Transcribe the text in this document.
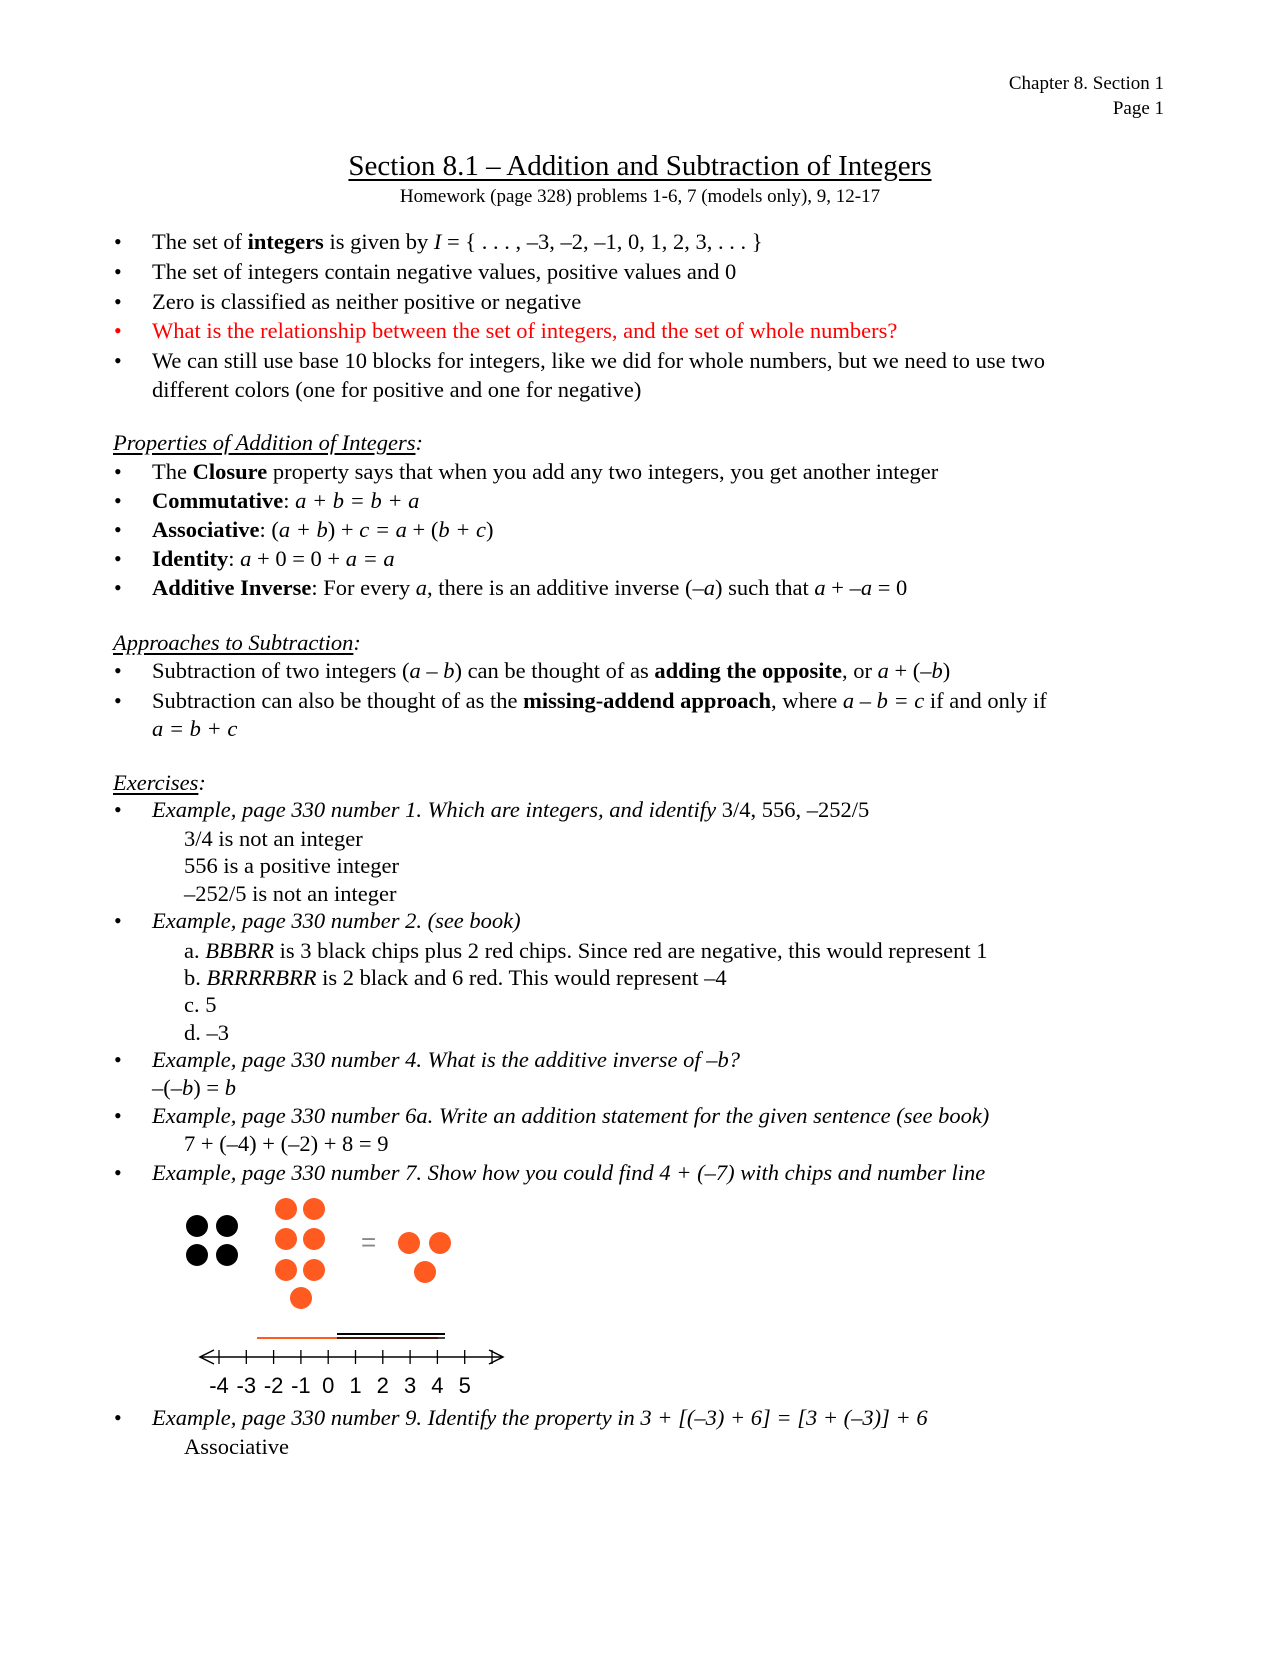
Chapter 8. Section 1
Page 1
Section 8.1 – Addition and Subtraction of Integers
Homework (page 328) problems 1-6, 7 (models only), 9, 12-17
• The set of integers is given by I = { . . . , –3, –2, –1, 0, 1, 2, 3, . . . }
• The set of integers contain negative values, positive values and 0
• Zero is classified as neither positive or negative
• What is the relationship between the set of integers, and the set of whole numbers?
• We can still use base 10 blocks for integers, like we did for whole numbers, but we need to use two
different colors (one for positive and one for negative)
Properties of Addition of Integers:
• The Closure property says that when you add any two integers, you get another integer
• Commutative: a + b = b + a
• Associative: (a + b) + c = a + (b + c)
• Identity: a + 0 = 0 + a = a
• Additive Inverse: For every a, there is an additive inverse (–a) such that a + –a = 0
Approaches to Subtraction:
• Subtraction of two integers (a – b) can be thought of as adding the opposite, or a + (–b)
• Subtraction can also be thought of as the missing-addend approach, where a – b = c if and only if
a = b + c
Exercises:
• Example, page 330 number 1. Which are integers, and identify 3/4, 556, –252/5
3/4 is not an integer
556 is a positive integer
–252/5 is not an integer
• Example, page 330 number 2. (see book)
a. BBBRR is 3 black chips plus 2 red chips. Since red are negative, this would represent 1
b. BRRRRBRR is 2 black and 6 red. This would represent –4
c. 5
d. –3
• Example, page 330 number 4. What is the additive inverse of –b?
–(–b) = b
• Example, page 330 number 6a. Write an addition statement for the given sentence (see book)
7 + (–4) + (–2) + 8 = 9
• Example, page 330 number 7. Show how you could find 4 + (–7) with chips and number line
=
-4 -3 -2 -1 0 1 2 3 4 5
• Example, page 330 number 9. Identify the property in 3 + [(–3) + 6] = [3 + (–3)] + 6
Associative
